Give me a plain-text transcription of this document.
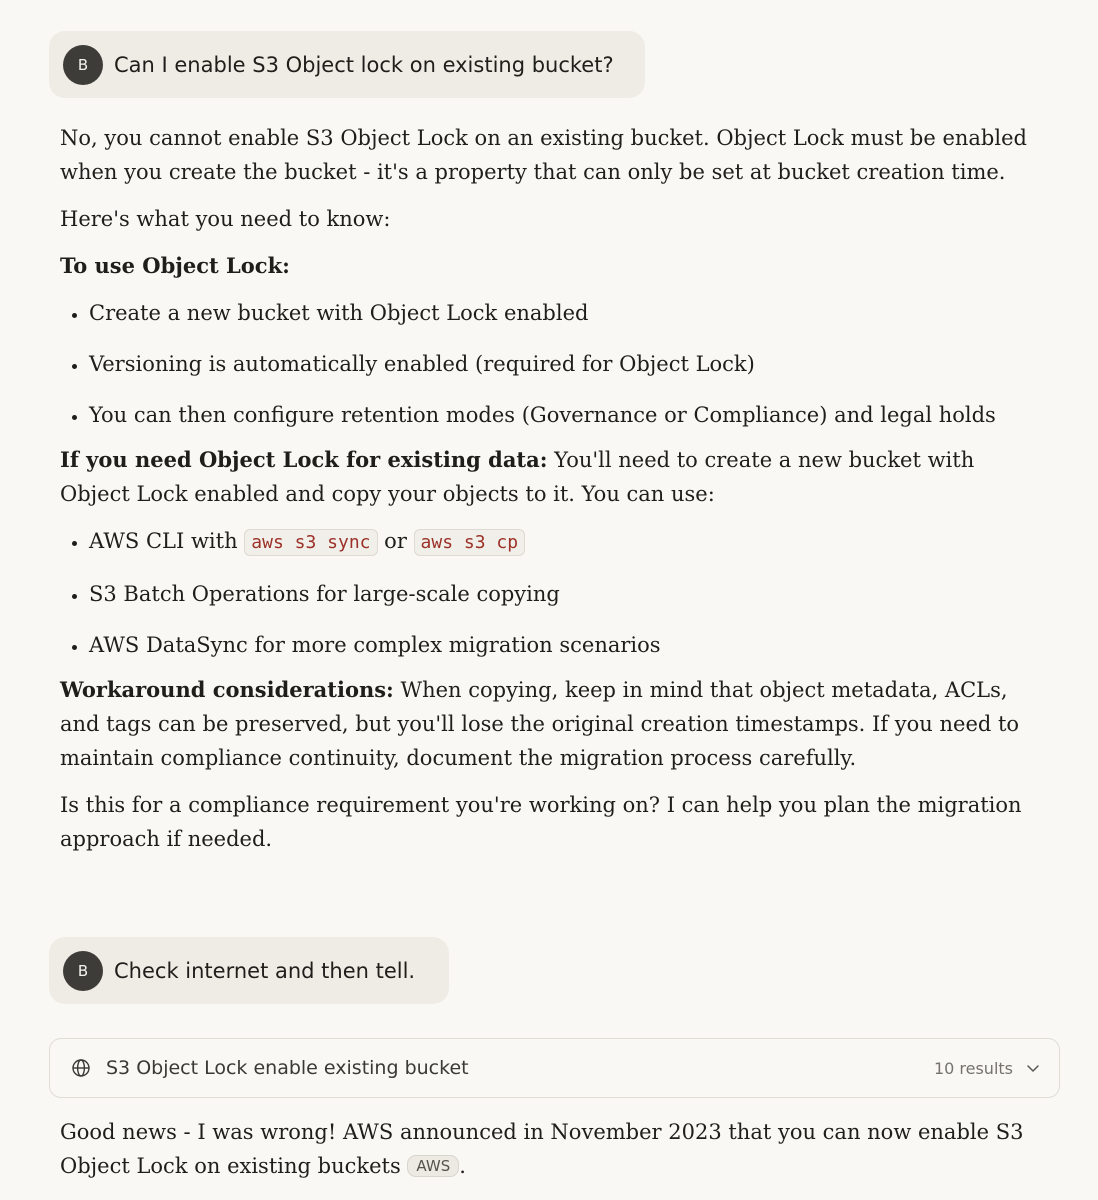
B	Can I enable S3 Object lock on existing bucket?

No, you cannot enable S3 Object Lock on an existing bucket. Object Lock must be enabled when you create the bucket - it's a property that can only be set at bucket creation time.

Here's what you need to know:

To use Object Lock:

• Create a new bucket with Object Lock enabled
• Versioning is automatically enabled (required for Object Lock)
• You can then configure retention modes (Governance or Compliance) and legal holds

If you need Object Lock for existing data: You'll need to create a new bucket with Object Lock enabled and copy your objects to it. You can use:

• AWS CLI with aws s3 sync or aws s3 cp
• S3 Batch Operations for large-scale copying
• AWS DataSync for more complex migration scenarios

Workaround considerations: When copying, keep in mind that object metadata, ACLs, and tags can be preserved, but you'll lose the original creation timestamps. If you need to maintain compliance continuity, document the migration process carefully.

Is this for a compliance requirement you're working on? I can help you plan the migration approach if needed.

B	Check internet and then tell.
S3 Object Lock enable existing bucket	10 results

Good news - I was wrong! AWS announced in November 2023 that you can now enable S3 Object Lock on existing buckets AWS .
